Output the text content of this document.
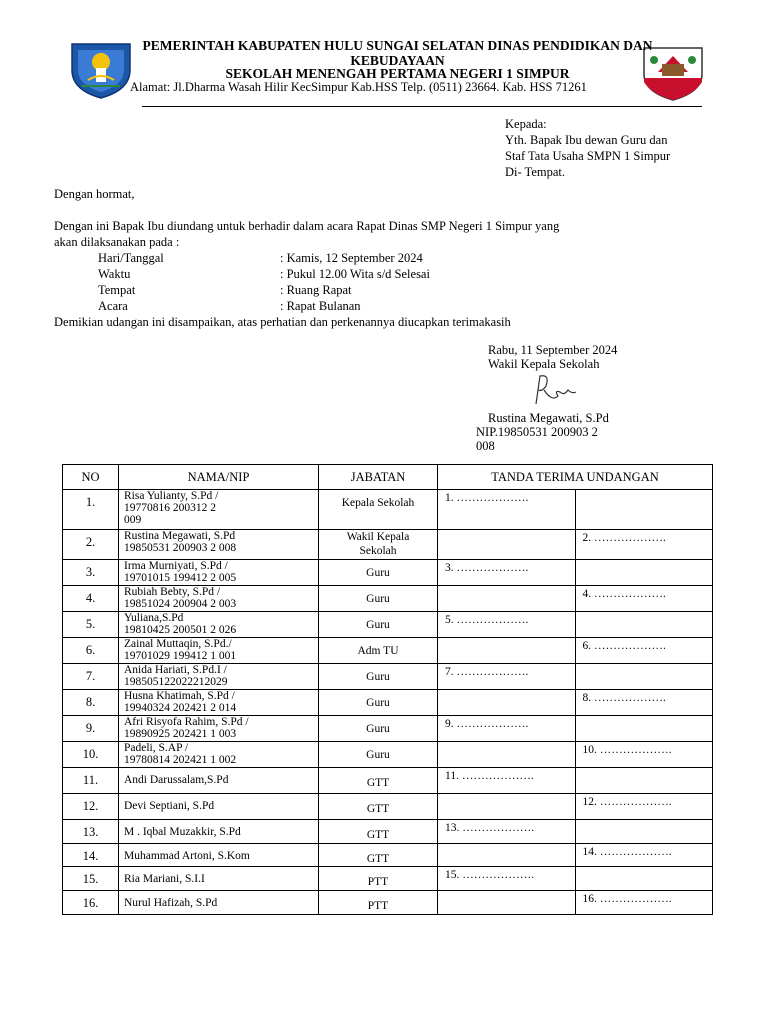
PEMERINTAH KABUPATEN HULU SUNGAI SELATAN DINAS PENDIDIKAN DAN
KEBUDAYAAN
SEKOLAH MENENGAH PERTAMA NEGERI 1 SIMPUR
Alamat: Jl.Dharma Wasah Hilir KecSimpur Kab.HSS Telp. (0511) 23664. Kab. HSS 71261
Kepada:
Yth. Bapak Ibu dewan Guru dan
Staf Tata Usaha SMPN 1 Simpur
Di- Tempat.
Dengan hormat,
Dengan ini Bapak Ibu diundang untuk berhadir dalam acara Rapat Dinas SMP Negeri 1 Simpur yang
akan dilaksanakan pada :
Hari/Tanggal	: Kamis, 12 September 2024
Waktu	: Pukul 12.00 Wita s/d Selesai
Tempat	: Ruang Rapat
Acara	: Rapat Bulanan
Demikian udangan ini disampaikan, atas perhatian dan perkenannya diucapkan terimakasih
Rabu, 11 September 2024
Wakil Kepala Sekolah
Rustina Megawati, S.Pd
NIP.19850531 200903 2
008
NO	NAMA/NIP	JABATAN	TANDA TERIMA UNDANGAN	

1.	Risa Yulianty, S.Pd /
19770816 200312 2
009	Kepala Sekolah	1. ……………….	

2.	Rustina Megawati, S.Pd
19850531 200903 2 008	Wakil Kepala
Sekolah		2. ……………….

3.	Irma Murniyati, S.Pd /
19701015 199412 2 005	Guru	3. ……………….	

4.	Rubiah Bebty, S.Pd /
19851024 200904 2 003	Guru		4. ……………….

5.	Yuliana,S.Pd
19810425 200501 2 026	Guru	5. ……………….	

6.	Zainal Muttaqin, S.Pd./
19701029 199412 1 001	Adm TU		6. ……………….

7.	Anida Hariati, S.Pd.I /
198505122022212029	Guru	7. ……………….	

8.	Husna Khatimah, S.Pd /
19940324 202421 2 014	Guru		8. ……………….

9.	Afri Risyofa Rahim, S.Pd /
19890925 202421 1 003	Guru	9. ……………….	

10.	Padeli, S.AP /
19780814 202421 1 002	Guru		10. ……………….

11.	Andi Darussalam,S.Pd	GTT	11. ……………….	

12.	Devi Septiani, S.Pd	GTT		12. ……………….

13.	M . Iqbal Muzakkir, S.Pd	GTT	13. ……………….	

14.	Muhammad Artoni, S.Kom	GTT		14. ……………….

15.	Ria Mariani, S.I.I	PTT	15. ……………….	

16.	Nurul Hafizah, S.Pd	PTT		16. ……………….
